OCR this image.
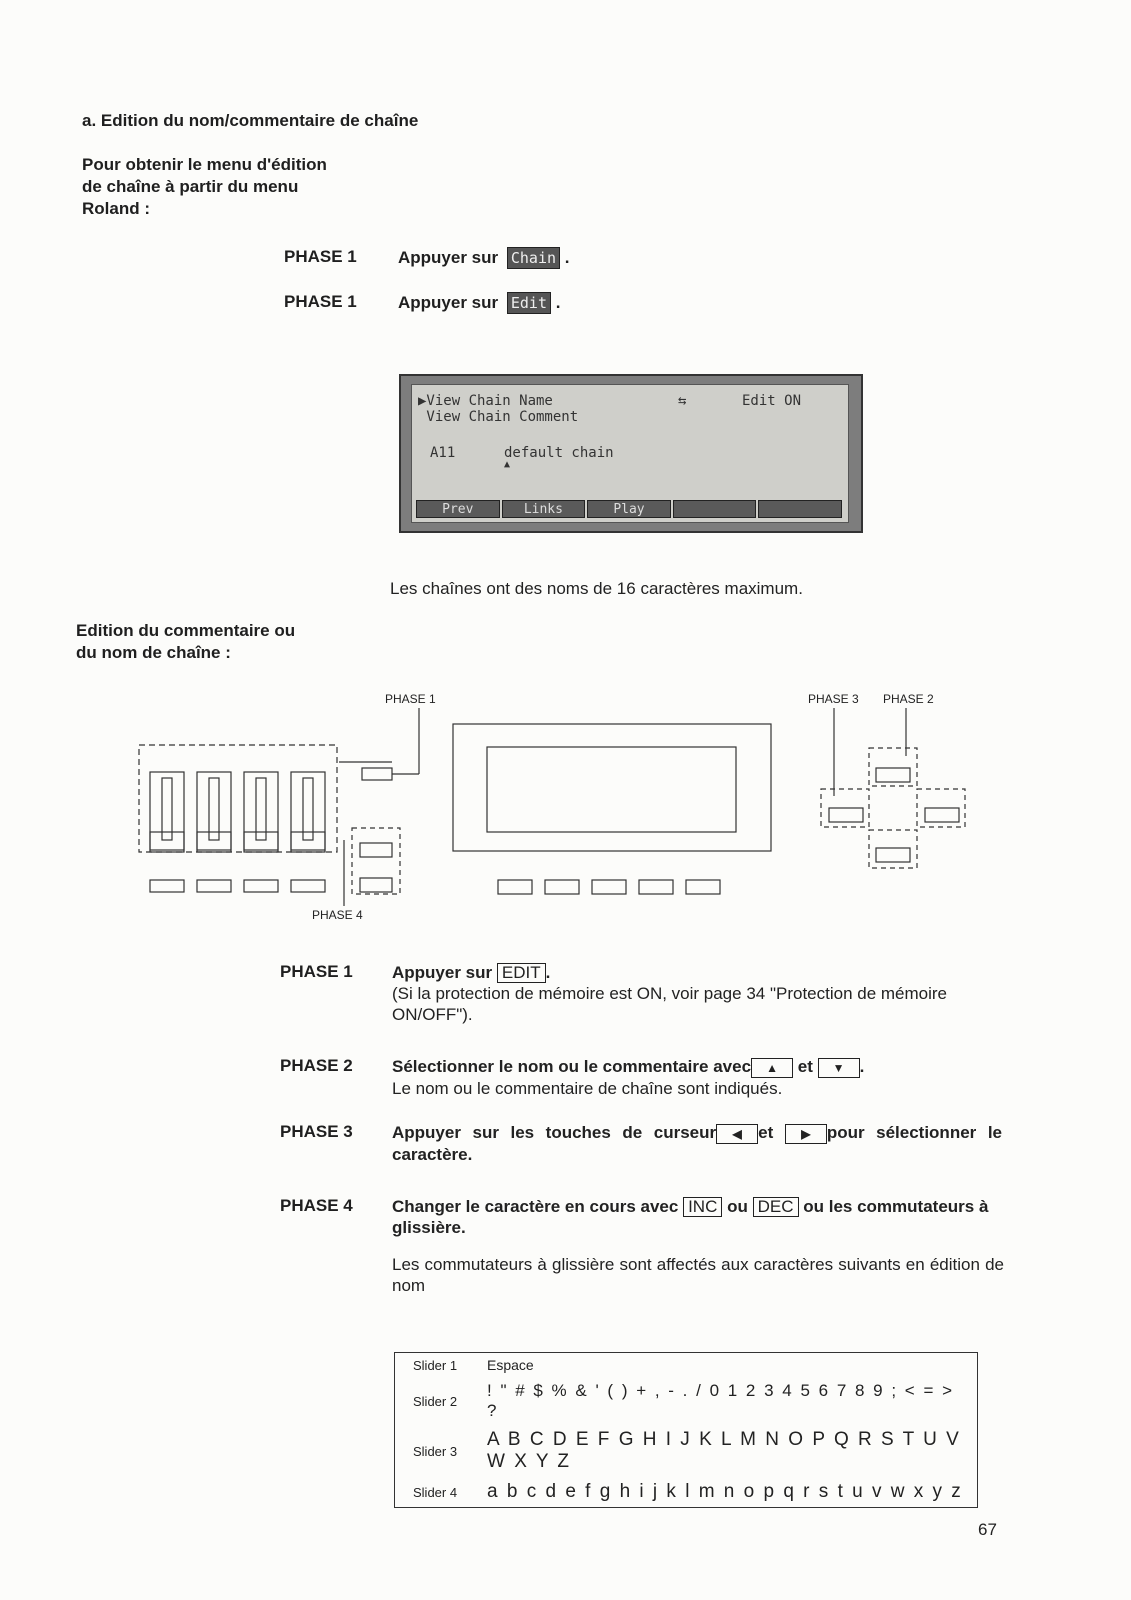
a. Edition du nom/commentaire de chaîne
Pour obtenir le menu d'édition
de chaîne à partir du menu
Roland :
PHASE 1 Appuyer sur Chain .
PHASE 1 Appuyer sur Edit .
▶View Chain Name	⇆	Edit ON
View Chain Comment
A11	default chain
▲
Prev	Links	Play
Les chaînes ont des noms de 16 caractères maximum.
Edition du commentaire ou
du nom de chaîne :
PHASE 1	PHASE 3 PHASE 2
PHASE 4
PHASE 1 Appuyer sur EDIT .
(Si la protection de mémoire est ON, voir page 34 "Protection de mémoire ON/OFF").
PHASE 2 Sélectionner le nom ou le commentaire avec ▲ et ▼ .
Le nom ou le commentaire de chaîne sont indiqués.
PHASE 3 Appuyer sur les touches de curseur ◀ et ▶ pour sélectionner le caractère.
PHASE 4 Changer le caractère en cours avec INC ou DEC ou les commutateurs à glissière.
Les commutateurs à glissière sont affectés aux caractères suivants en édition de nom
Slider 1	Espace
Slider 2	! " # $ % & ' ( ) + , - . / 0 1 2 3 4 5 6 7 8 9 ; < = > ?
Slider 3	A B C D E F G H I J K L M N O P Q R S T U V W X Y Z
Slider 4	a b c d e f g h i j k l m n o p q r s t u v w x y z
67
